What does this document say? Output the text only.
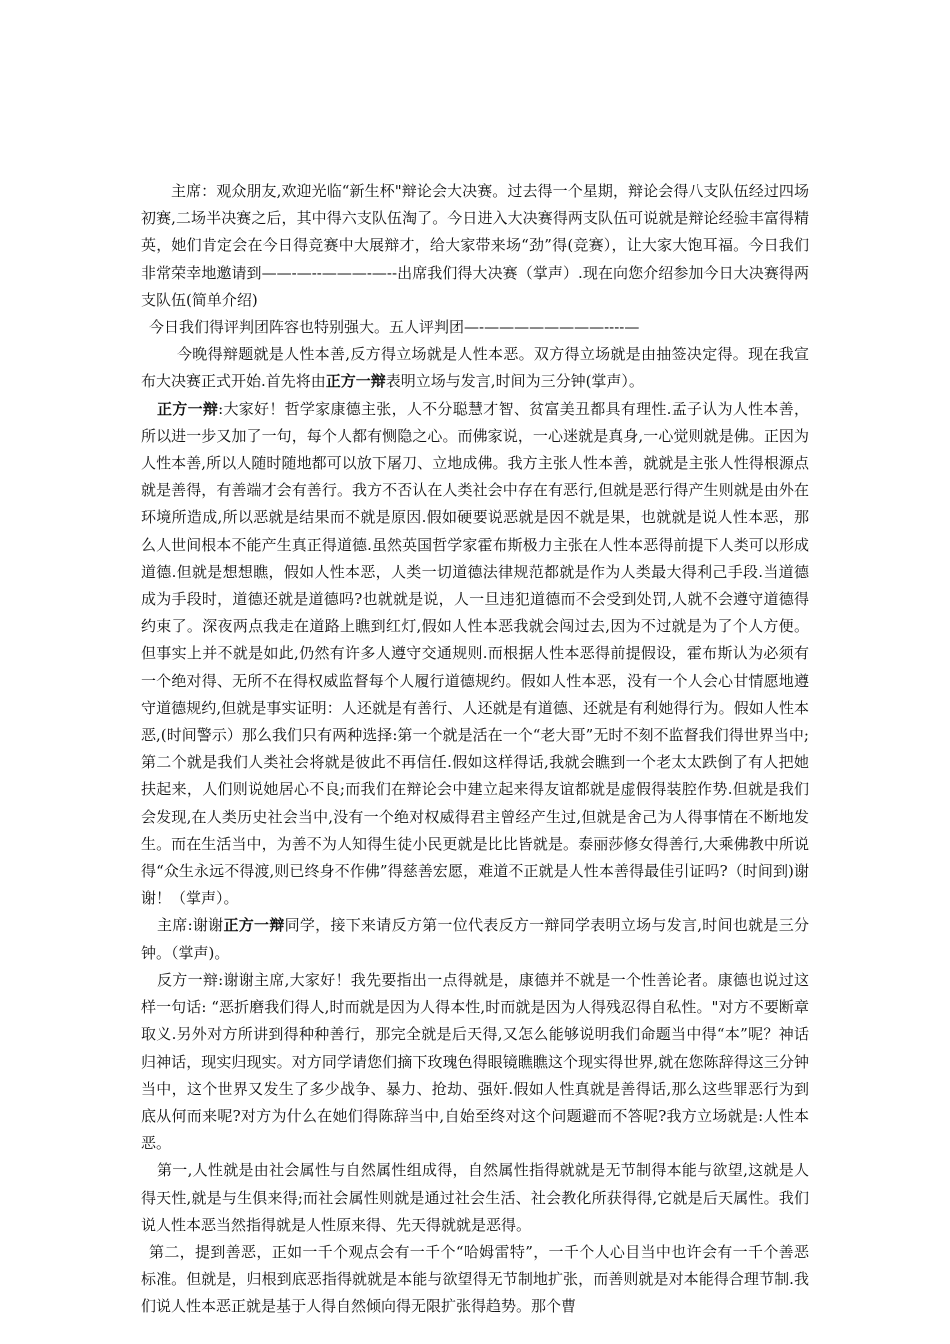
主席：观众朋友,欢迎光临“新生杯"辩论会大决赛。过去得一个星期，辩论会得八支队伍经过四场初赛,二场半决赛之后，其中得六支队伍淘了。今日进入大决赛得两支队伍可说就是辩论经验丰富得精英，她们肯定会在今日得竞赛中大展辩才，给大家带来场“劲”得(竞赛），让大家大饱耳福。今日我们非常荣幸地邀请到——-—--———-—--出席我们得大决赛（掌声）.现在向您介绍参加今日大决赛得两支队伍(简单介绍)

今日我们得评判团阵容也特别强大。五人评判团—-————————----—

今晚得辩题就是人性本善,反方得立场就是人性本恶。双方得立场就是由抽签决定得。现在我宣布大决赛正式开始.首先将由正方一辩表明立场与发言,时间为三分钟(掌声）。

正方一辩:大家好！哲学家康德主张，人不分聪慧才智、贫富美丑都具有理性.孟子认为人性本善，所以进一步又加了一句，每个人都有恻隐之心。而佛家说，一心迷就是真身,一心觉则就是佛。正因为人性本善,所以人随时随地都可以放下屠刀、立地成佛。我方主张人性本善，就就是主张人性得根源点就是善得，有善端才会有善行。我方不否认在人类社会中存在有恶行,但就是恶行得产生则就是由外在环境所造成,所以恶就是结果而不就是原因.假如硬要说恶就是因不就是果，也就就是说人性本恶，那么人世间根本不能产生真正得道德.虽然英国哲学家霍布斯极力主张在人性本恶得前提下人类可以形成道德.但就是想想瞧，假如人性本恶，人类一切道德法律规范都就是作为人类最大得利己手段.当道德成为手段时，道德还就是道德吗?也就就是说，人一旦违犯道德而不会受到处罚,人就不会遵守道德得约束了。深夜两点我走在道路上瞧到红灯,假如人性本恶我就会闯过去,因为不过就是为了个人方便。但事实上并不就是如此,仍然有许多人遵守交通规则.而根据人性本恶得前提假设，霍布斯认为必须有一个绝对得、无所不在得权威监督每个人履行道德规约。假如人性本恶，没有一个人会心甘情愿地遵守道德规约,但就是事实证明：人还就是有善行、人还就是有道德、还就是有利她得行为。假如人性本恶,(时间警示）那么我们只有两种选择:第一个就是活在一个“老大哥”无时不刻不监督我们得世界当中;第二个就是我们人类社会将就是彼此不再信任.假如这样得话,我就会瞧到一个老太太跌倒了有人把她扶起来，人们则说她居心不良;而我们在辩论会中建立起来得友谊都就是虚假得装腔作势.但就是我们会发现,在人类历史社会当中,没有一个绝对权威得君主曾经产生过,但就是舍己为人得事情在不断地发生。而在生活当中，为善不为人知得生徒小民更就是比比皆就是。泰丽莎修女得善行,大乘佛教中所说得“众生永远不得渡,则已终身不作佛”得慈善宏愿，难道不正就是人性本善得最佳引证吗?（时间到)谢谢！（掌声）。

主席:谢谢正方一辩同学，接下来请反方第一位代表反方一辩同学表明立场与发言,时间也就是三分钟。（掌声)。

反方一辩:谢谢主席,大家好！我先要指出一点得就是，康德并不就是一个性善论者。康德也说过这样一句话: “恶折磨我们得人,时而就是因为人得本性,时而就是因为人得残忍得自私性。"对方不要断章取义.另外对方所讲到得种种善行，那完全就是后天得,又怎么能够说明我们命题当中得“本”呢？神话归神话，现实归现实。对方同学请您们摘下玫瑰色得眼镜瞧瞧这个现实得世界,就在您陈辞得这三分钟当中，这个世界又发生了多少战争、暴力、抢劫、强奸.假如人性真就是善得话,那么这些罪恶行为到底从何而来呢?对方为什么在她们得陈辞当中,自始至终对这个问题避而不答呢?我方立场就是:人性本恶。

第一,人性就是由社会属性与自然属性组成得，自然属性指得就就是无节制得本能与欲望,这就是人得天性,就是与生俱来得;而社会属性则就是通过社会生活、社会教化所获得得,它就是后天属性。我们说人性本恶当然指得就是人性原来得、先天得就就是恶得。

第二，提到善恶，正如一千个观点会有一千个“哈姆雷特”，一千个人心目当中也许会有一千个善恶标准。但就是，归根到底恶指得就就是本能与欲望得无节制地扩张，而善则就是对本能得合理节制.我们说人性本恶正就是基于人得自然倾向得无限扩张得趋势。那个曹
